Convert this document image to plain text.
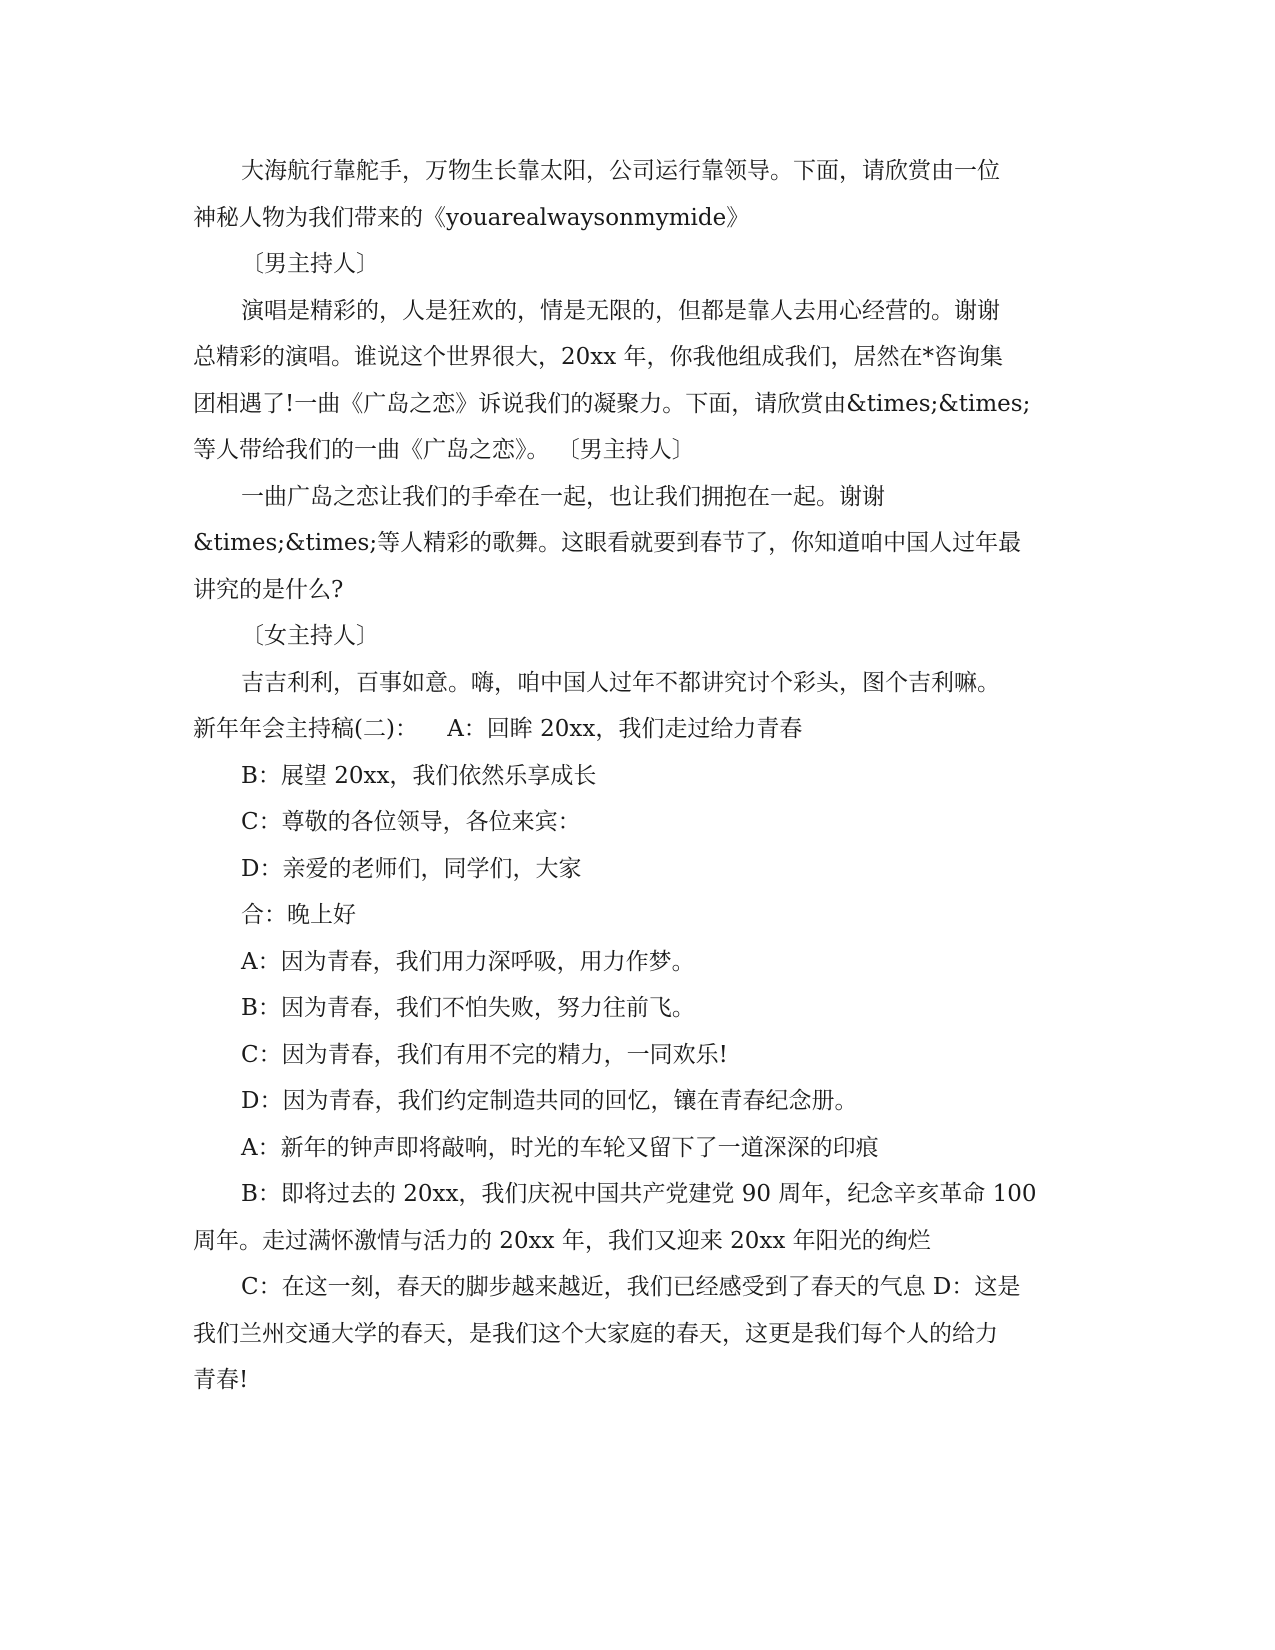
大海航行靠舵手，万物生长靠太阳，公司运行靠领导。下面，请欣赏由一位
神秘人物为我们带来的《youarealwaysonmymide》
〔男主持人〕
演唱是精彩的，人是狂欢的，情是无限的，但都是靠人去用心经营的。谢谢
总精彩的演唱。谁说这个世界很大，20xx 年，你我他组成我们，居然在*咨询集
团相遇了!一曲《广岛之恋》诉说我们的凝聚力。下面，请欣赏由&times;&times;
等人带给我们的一曲《广岛之恋》。 〔男主持人〕
一曲广岛之恋让我们的手牵在一起，也让我们拥抱在一起。谢谢
&times;&times;等人精彩的歌舞。这眼看就要到春节了，你知道咱中国人过年最
讲究的是什么?
〔女主持人〕
吉吉利利，百事如意。嗨，咱中国人过年不都讲究讨个彩头，图个吉利嘛。
新年年会主持稿(二)：    A：回眸 20xx，我们走过给力青春
B：展望 20xx，我们依然乐享成长
C：尊敬的各位领导，各位来宾：
D：亲爱的老师们，同学们，大家
合：晚上好
A：因为青春，我们用力深呼吸，用力作梦。
B：因为青春，我们不怕失败，努力往前飞。
C：因为青春，我们有用不完的精力，一同欢乐!
D：因为青春，我们约定制造共同的回忆，镶在青春纪念册。
A：新年的钟声即将敲响，时光的车轮又留下了一道深深的印痕
B：即将过去的 20xx，我们庆祝中国共产党建党 90 周年，纪念辛亥革命 100
周年。走过满怀激情与活力的 20xx 年，我们又迎来 20xx 年阳光的绚烂
C：在这一刻，春天的脚步越来越近，我们已经感受到了春天的气息 D：这是
我们兰州交通大学的春天，是我们这个大家庭的春天，这更是我们每个人的给力
青春!
